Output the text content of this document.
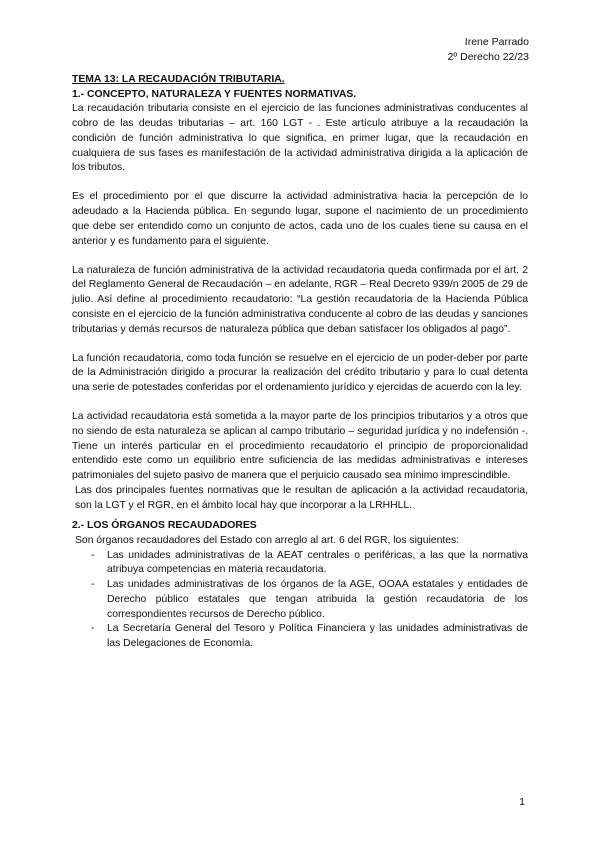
Irene Parrado
2º Derecho 22/23
TEMA 13: LA RECAUDACIÓN TRIBUTARIA.
1.- CONCEPTO, NATURALEZA Y FUENTES NORMATIVAS.

La recaudación tributaria consiste en el ejercicio de las funciones administrativas conducentes al cobro de las deudas tributarias – art. 160 LGT - . Este artículo atribuye a la recaudación la condición de función administrativa lo que significa, en primer lugar, que la recaudación en cualquiera de sus fases es manifestación de la actividad administrativa dirigida a la aplicación de los tributos.

Es el procedimiento por el que discurre la actividad administrativa hacia la percepción de lo adeudado a la Hacienda pública. En segundo lugar, supone el nacimiento de un procedimiento que debe ser entendido como un conjunto de actos, cada uno de los cuales tiene su causa en el anterior y es fundamento para el siguiente.

La naturaleza de función administrativa de la actividad recaudatoria queda confirmada por el art. 2 del Reglamento General de Recaudación – en adelante, RGR – Real Decreto 939/n 2005 de 29 de julio. Así define al procedimiento recaudatorio: “La gestión recaudatoria de la Hacienda Pública consiste en el ejercicio de la función administrativa conducente al cobro de las deudas y sanciones tributarias y demás recursos de naturaleza pública que deban satisfacer los obligados al pago”.

La función recaudatoria, como toda función se resuelve en el ejercicio de un poder-deber por parte de la Administración dirigido a procurar la realización del crédito tributario y para lo cual detenta una serie de potestades conferidas por el ordenamiento jurídico y ejercidas de acuerdo con la ley.

La actividad recaudatoria está sometida a la mayor parte de los principios tributarios y a otros que no siendo de esta naturaleza se aplican al campo tributario – seguridad jurídica y no indefensión -. Tiene un interés particular en el procedimiento recaudatorio el principio de proporcionalidad entendido este como un equilibrio entre suficiencia de las medidas administrativas e intereses patrimoniales del sujeto pasivo de manera que el perjuicio causado sea mínimo imprescindible.

Las dos principales fuentes normativas que le resultan de aplicación a la actividad recaudatoria, son la LGT y el RGR, en el ámbito local hay que incorporar a la LRHHLL.

2.- LOS ÓRGANOS RECAUDADORES

Son órganos recaudadores del Estado con arreglo al art. 6 del RGR, los siguientes:

- Las unidades administrativas de la AEAT centrales o periféricas, a las que la normativa atribuya competencias en materia recaudatoria.
- Las unidades administrativas de los órganos de la AGE, OOAA estatales y entidades de Derecho público estatales que tengan atribuida la gestión recaudatoria de los correspondientes recursos de Derecho público.
- La Secretaría General del Tesoro y Política Financiera y las unidades administrativas de las Delegaciones de Economía.
1
